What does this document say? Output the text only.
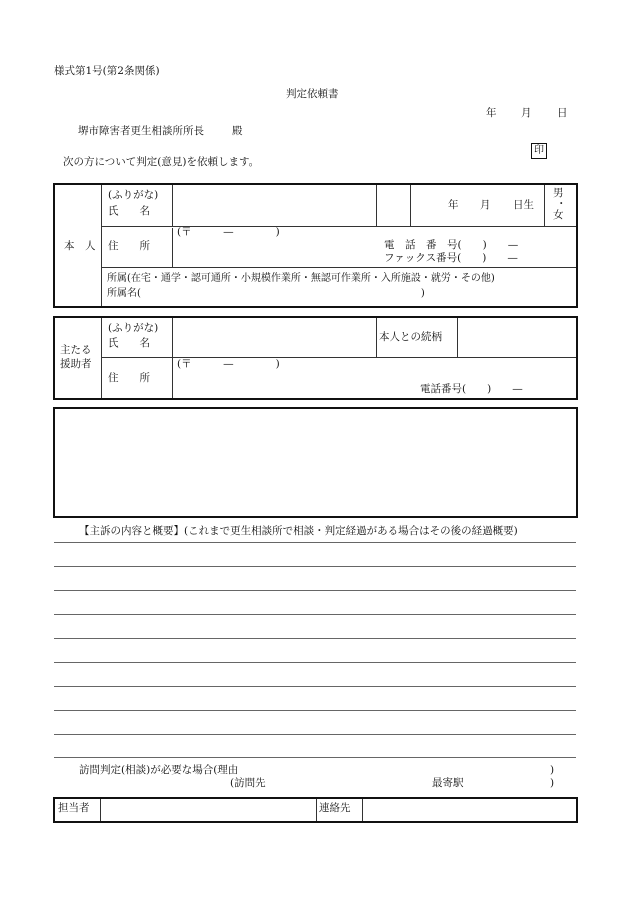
様式第1号(第2条関係)
判定依頼書
年 月 日
堺市障害者更生相談所所長	殿
印
次の方について判定(意見)を依頼します。
本　人
(ふりがな)
氏　　名	年 月 日生
男
・
女
住　　所
(〒　　　—　　　　)
電　話　番　号(　　)　　—
ファックス番号(　　)　　—
所属(在宅・通学・認可通所・小規模作業所・無認可作業所・入所施設・就労・その他)
所属名(　　　　　　　　　　　　　　　　　　　　　　　　　　　　)
主たる
援助者
(ふりがな)
氏　　名	本人との続柄
住　　所
(〒　　　—　　　　)
電話番号(　　)　　—
【主訴の内容と概要】(これまで更生相談所で相談・判定経過がある場合はその後の経過概要)
訪問判定(相談)が必要な場合(理由	)
(訪問先	最寄駅	)
担当者	連絡先
